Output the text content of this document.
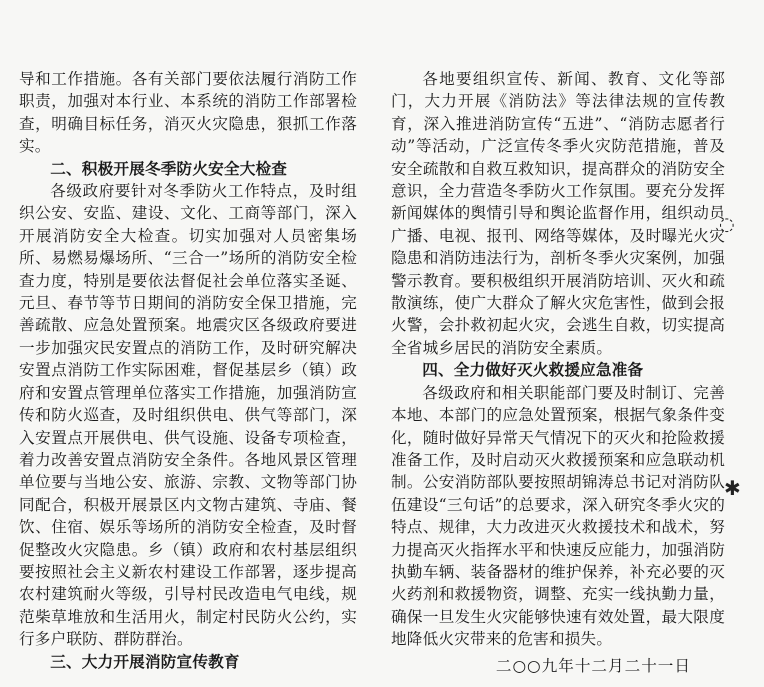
导和工作措施。各有关部门要依法履行消防工作职责，加强对本行业、本系统的消防工作部署检查，明确目标任务，消灭火灾隐患，狠抓工作落实。

二、积极开展冬季防火安全大检查

各级政府要针对冬季防火工作特点，及时组织公安、安监、建设、文化、工商等部门，深入开展消防安全大检查。切实加强对人员密集场所、易燃易爆场所、“三合一”场所的消防安全检查力度，特别是要依法督促社会单位落实圣诞、元旦、春节等节日期间的消防安全保卫措施，完善疏散、应急处置预案。地震灾区各级政府要进一步加强灾民安置点的消防工作，及时研究解决安置点消防工作实际困难，督促基层乡（镇）政府和安置点管理单位落实工作措施，加强消防宣传和防火巡查，及时组织供电、供气等部门，深入安置点开展供电、供气设施、设备专项检查，着力改善安置点消防安全条件。各地风景区管理单位要与当地公安、旅游、宗教、文物等部门协同配合，积极开展景区内文物古建筑、寺庙、餐饮、住宿、娱乐等场所的消防安全检查，及时督促整改火灾隐患。乡（镇）政府和农村基层组织要按照社会主义新农村建设工作部署，逐步提高农村建筑耐火等级，引导村民改造电气电线，规范柴草堆放和生活用火，制定村民防火公约，实行多户联防、群防群治。

三、大力开展消防宣传教育

各地要组织宣传、新闻、教育、文化等部门，大力开展《消防法》等法律法规的宣传教育，深入推进消防宣传“五进”、“消防志愿者行动”等活动，广泛宣传冬季火灾防范措施，普及安全疏散和自救互救知识，提高群众的消防安全意识，全力营造冬季防火工作氛围。要充分发挥新闻媒体的舆情引导和舆论监督作用，组织动员广播、电视、报刊、网络等媒体，及时曝光火灾隐患和消防违法行为，剖析冬季火灾案例，加强警示教育。要积极组织开展消防培训、灭火和疏散演练，使广大群众了解火灾危害性，做到会报火警，会扑救初起火灾，会逃生自救，切实提高全省城乡居民的消防安全素质。

四、全力做好灭火救援应急准备

各级政府和相关职能部门要及时制订、完善本地、本部门的应急处置预案，根据气象条件变化，随时做好异常天气情况下的灭火和抢险救援准备工作，及时启动灭火救援预案和应急联动机制。公安消防部队要按照胡锦涛总书记对消防队伍建设“三句话”的总要求，深入研究冬季火灾的特点、规律，大力改进灭火救援技术和战术，努力提高灭火指挥水平和快速反应能力，加强消防执勤车辆、装备器材的维护保养，补充必要的灭火药剂和救援物资，调整、充实一线执勤力量，确保一旦发生火灾能够快速有效处置，最大限度地降低火灾带来的危害和损失。

二○○九年十二月二十一日

◌
✱
